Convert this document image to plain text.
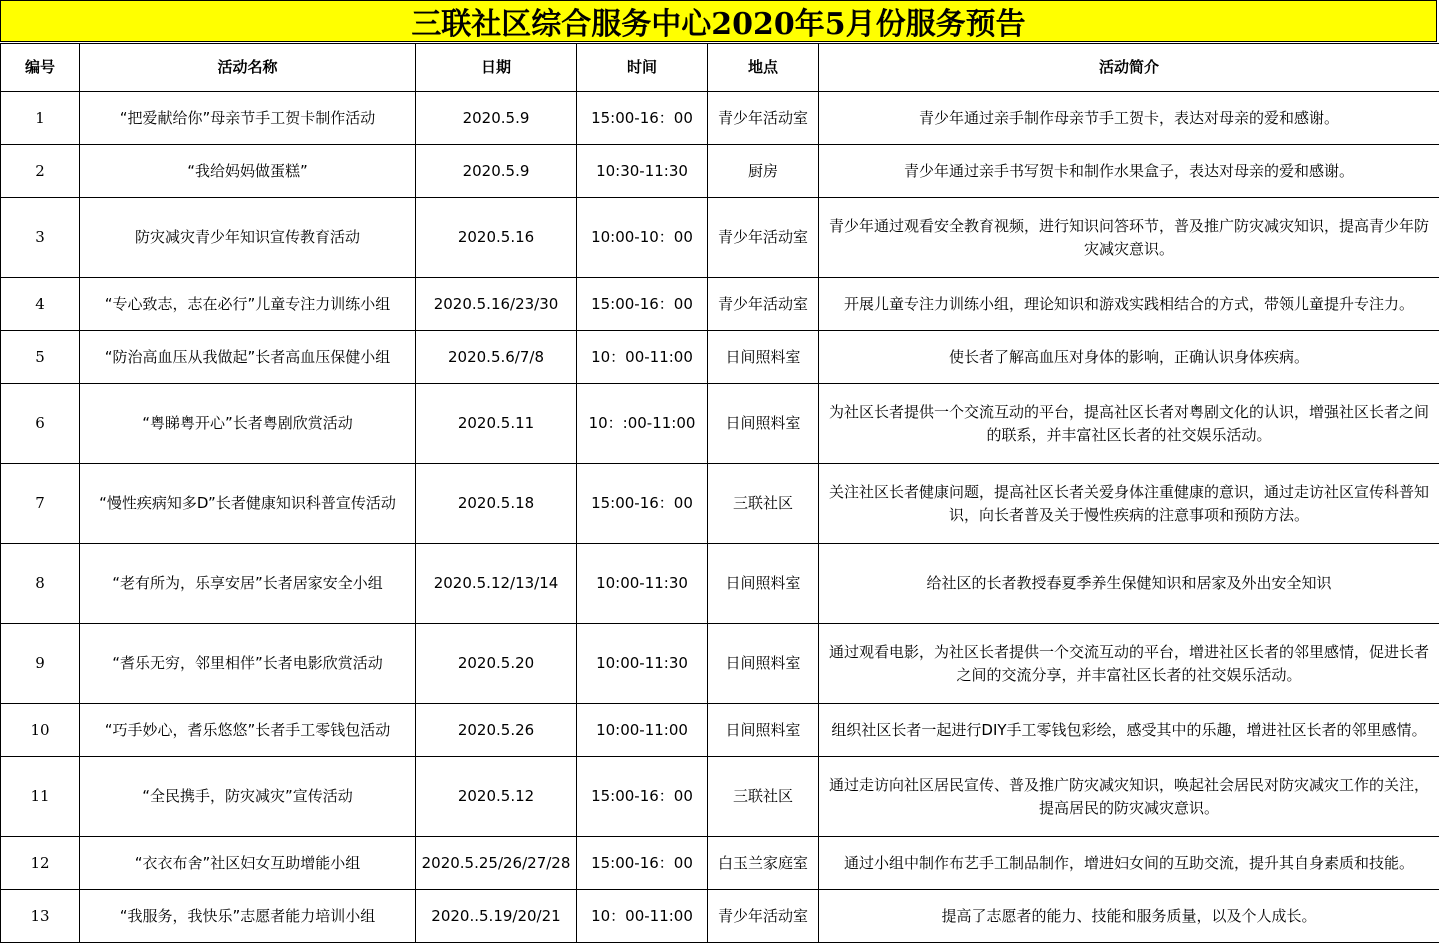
三联社区综合服务中心2020年5月份服务预告
编号	活动名称	日期	时间	地点	活动简介
1	“把爱献给你”母亲节手工贺卡制作活动	2020.5.9	15:00-16：00	青少年活动室	青少年通过亲手制作母亲节手工贺卡，表达对母亲的爱和感谢。
2	“我给妈妈做蛋糕”	2020.5.9	10:30-11:30	厨房	青少年通过亲手书写贺卡和制作水果盒子，表达对母亲的爱和感谢。
3	防灾减灾青少年知识宣传教育活动	2020.5.16	10:00-10：00	青少年活动室	青少年通过观看安全教育视频，进行知识问答环节，普及推广防灾减灾知识，提高青少年防灾减灾意识。
4	“专心致志，志在必行”儿童专注力训练小组	2020.5.16/23/30	15:00-16：00	青少年活动室	开展儿童专注力训练小组，理论知识和游戏实践相结合的方式，带领儿童提升专注力。
5	“防治高血压从我做起”长者高血压保健小组	2020.5.6/7/8	10：00-11:00	日间照料室	使长者了解高血压对身体的影响，正确认识身体疾病。
6	“粤睇粤开心”长者粤剧欣赏活动	2020.5.11	10：:00-11:00	日间照料室	为社区长者提供一个交流互动的平台，提高社区长者对粤剧文化的认识，增强社区长者之间的联系，并丰富社区长者的社交娱乐活动。
7	“慢性疾病知多D”长者健康知识科普宣传活动	2020.5.18	15:00-16：00	三联社区	关注社区长者健康问题，提高社区长者关爱身体注重健康的意识，通过走访社区宣传科普知识，向长者普及关于慢性疾病的注意事项和预防方法。
8	“老有所为，乐享安居”长者居家安全小组	2020.5.12/13/14	10:00-11:30	日间照料室	给社区的长者教授春夏季养生保健知识和居家及外出安全知识
9	“耆乐无穷，邻里相伴”长者电影欣赏活动	2020.5.20	10:00-11:30	日间照料室	通过观看电影，为社区长者提供一个交流互动的平台，增进社区长者的邻里感情，促进长者之间的交流分享，并丰富社区长者的社交娱乐活动。
10	“巧手妙心，耆乐悠悠”长者手工零钱包活动	2020.5.26	10:00-11:00	日间照料室	组织社区长者一起进行DIY手工零钱包彩绘，感受其中的乐趣，增进社区长者的邻里感情。
11	“全民携手，防灾减灾”宣传活动	2020.5.12	15:00-16：00	三联社区	通过走访向社区居民宣传、普及推广防灾减灾知识，唤起社会居民对防灾减灾工作的关注，提高居民的防灾减灾意识。
12	“衣衣布舍”社区妇女互助增能小组	2020.5.25/26/27/28	15:00-16：00	白玉兰家庭室	通过小组中制作布艺手工制品制作，增进妇女间的互助交流，提升其自身素质和技能。
13	“我服务，我快乐”志愿者能力培训小组	2020..5.19/20/21	10：00-11:00	青少年活动室	提高了志愿者的能力、技能和服务质量，以及个人成长。
